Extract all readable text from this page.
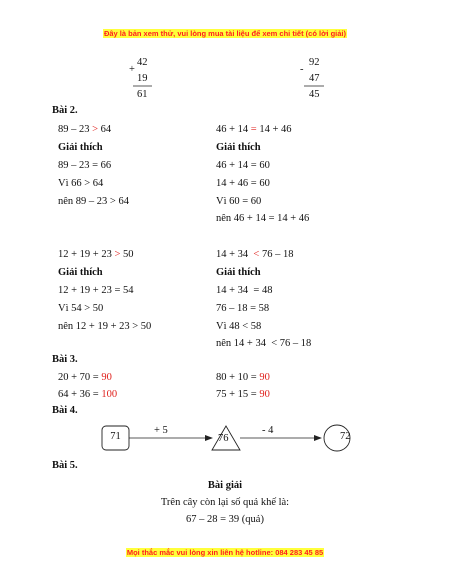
Đây là bản xem thử, vui lòng mua tài liệu để xem chi tiết (có lời giải)
+
42
19
61
-
92
47
45
Bài 2.
89 – 23 > 64
Giải thích
89 – 23 = 66
Vì 66 > 64
nên 89 – 23 > 64
46 + 14 = 14 + 46
Giải thích
46 + 14 = 60
14 + 46 = 60
Vì 60 = 60
nên 46 + 14 = 14 + 46
12 + 19 + 23 > 50
Giải thích
12 + 19 + 23 = 54
Vì 54 > 50
nên 12 + 19 + 23 > 50
14 + 34  < 76 – 18
Giải thích
14 + 34  = 48
76 – 18 = 58
Vì 48 < 58
nên 14 + 34  < 76 – 18
Bài 3.
20 + 70 = 90	80 + 10 = 90
64 + 36 = 100	75 + 15 = 90
Bài 4.
71
+ 5
76
- 4
72
Bài 5.
Bài giải
Trên cây còn lại số quả khế là:
67 – 28 = 39 (quả)
Mọi thắc mắc vui lòng xin liên hệ hotline: 084 283 45 85
